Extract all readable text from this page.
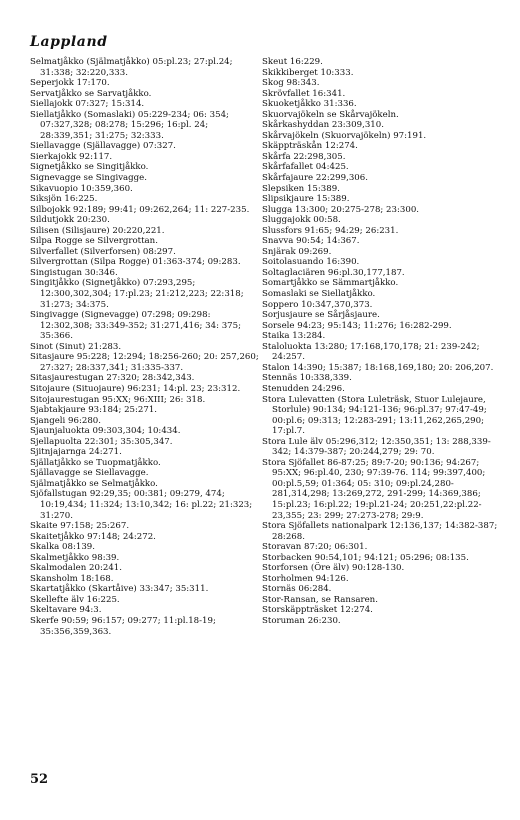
Lappland

Selmatjåkko (Själmatjåkko) 05:pl.23; 27:pl.24; 31:338; 32:220,333.

Seperjokk 17:170.

Servatjåkko se Sarvatjåkko.

Siellajokk 07:327; 15:314.

Siellatjåkko (Somaslaki) 05:229-234; 06: 354; 07:327,328; 08:278; 15:296; 16:pl. 24; 28:339,351; 31:275; 32:333.

Siellavagge (Själlavagge) 07:327.

Sierkajokk 92:117.

Signetjåkko se Singitjåkko.

Signevagge se Singivagge.

Sikavuopio 10:359,360.

Siksjön 16:225.

Silbojokk 92:189; 99:41; 09:262,264; 11: 227-235.

Sildutjokk 20:230.

Silisen (Silisjaure) 20:220,221.

Silpa Rogge se Silvergrottan.

Silverfallet (Silverforsen) 08:297.

Silvergrottan (Silpa Rogge) 01:363-374; 09:283.

Singistugan 30:346.

Singitjåkko (Signetjåkko) 07:293,295; 12:300,302,304; 17:pl.23; 21:212,223; 22:318; 31:273; 34:375.

Singivagge (Signevagge) 07:298; 09:298: 12:302,308; 33:349-352; 31:271,416; 34: 375; 35:366.

Sinot (Sinut) 21:283.

Sitasjaure 95:228; 12:294; 18:256-260; 20: 257,260; 27:327; 28:337,341; 31:335-337.

Sitasjaurestugan 27:320; 28:342,343.

Sitojaure (Situojaure) 96:231; 14:pl. 23; 23:312.

Sitojaurestugan 95:XX; 96:XIII; 26: 318.

Sjabtakjaure 93:184; 25:271.

Sjangeli 96:280.

Sjaunjaluokta 09:303,304; 10:434.

Sjellapuolta 22:301; 35:305,347.

Sjitnjajarnga 24:271.

Själlatjåkko se Tuopmatjåkko.

Själlavagge se Siellavagge.

Själmatjåkko se Selmatjåkko.

Sjöfallstugan 92:29,35; 00:381; 09:279, 474; 10:19,434; 11:324; 13:10,342; 16: pl.22; 21:323; 31:270.

Skaite 97:158; 25:267.

Skaitetjåkko 97:148; 24:272.

Skalka 08:139.

Skalmetjåkko 98:39.

Skalmodalen 20:241.

Skansholm 18:168.

Skartatjåkko (Skartåive) 33:347; 35:311.

Skellefte älv 16:225.

Skeltavare 94:3.

Skerfe 90:59; 96:157; 09:277; 11:pl.18-19; 35:356,359,363.

Skeut 16:229.

Skikkiberget 10:333.

Skog 98:343.

Skrövfallet 16:341.

Skuoketjåkko 31:336.

Skuorvajökeln se Skårvajökeln.

Skårkashyddan 23:309,310.

Skårvajökeln (Skuorvajökeln) 97:191.

Skäppträskån 12:274.

Skårfa 22:298,305.

Skårfafallet 04:425.

Skårfajaure 22:299,306.

Slepsiken 15:389.

Slipsikjaure 15:389.

Slugga 13:300; 20:275-278; 23:300.

Sluggajokk 00:58.

Slussfors 91:65; 94:29; 26:231.

Snavva 90:54; 14:367.

Snjärak 09:269.

Soitolasuando 16:390.

Soltaglaciären 96:pl.30,177,187.

Somartjåkko se Sämmartjåkko.

Somaslaki se Siellatjåkko.

Soppero 10:347,370,373.

Sorjusjaure se Sårjåsjaure.

Sorsele 94:23; 95:143; 11:276; 16:282-299.

Staika 13:284.

Staloluokta 13:280; 17:168,170,178; 21: 239-242; 24:257.

Stalon 14:390; 15:387; 18:168,169,180; 20: 206,207.

Stennäs 10:338,339.

Stenudden 24:296.

Stora Lulevatten (Stora Luleträsk, Stuor Lulejaure, Storlule) 90:134; 94:121-136; 96:pl.37; 97:47-49; 00:pl.6; 09:313; 12:283-291; 13:11,262,265,290; 17:pl.7.

Stora Lule älv 05:296,312; 12:350,351; 13: 288,339-342; 14:379-387; 20:244,279; 29: 70.

Stora Sjöfallet 86-87:25; 89:7-20; 90:136; 94:267; 95:XX; 96:pl.40, 230; 97:39-76. 114; 99:397,400; 00:pl.5,59; 01:364; 05: 310; 09:pl.24,280-281,314,298; 13:269,272, 291-299; 14:369,386; 15:pl.23; 16:pl.22; 19:pl.21-24; 20:251,22:pl.22-23,355; 23: 299; 27:273-278; 29:9.

Stora Sjöfallets nationalpark 12:136,137; 14:382-387; 28:268.

Storavan 87:20; 06:301.

Storbacken 90:54,101; 94:121; 05:296; 08:135.

Storforsen (Öre älv) 90:128-130.

Storholmen 94:126.

Stornäs 06:284.

Stor-Ransan, se Ransaren.

Storskäppträsket 12:274.

Storuman 26:230.

52
